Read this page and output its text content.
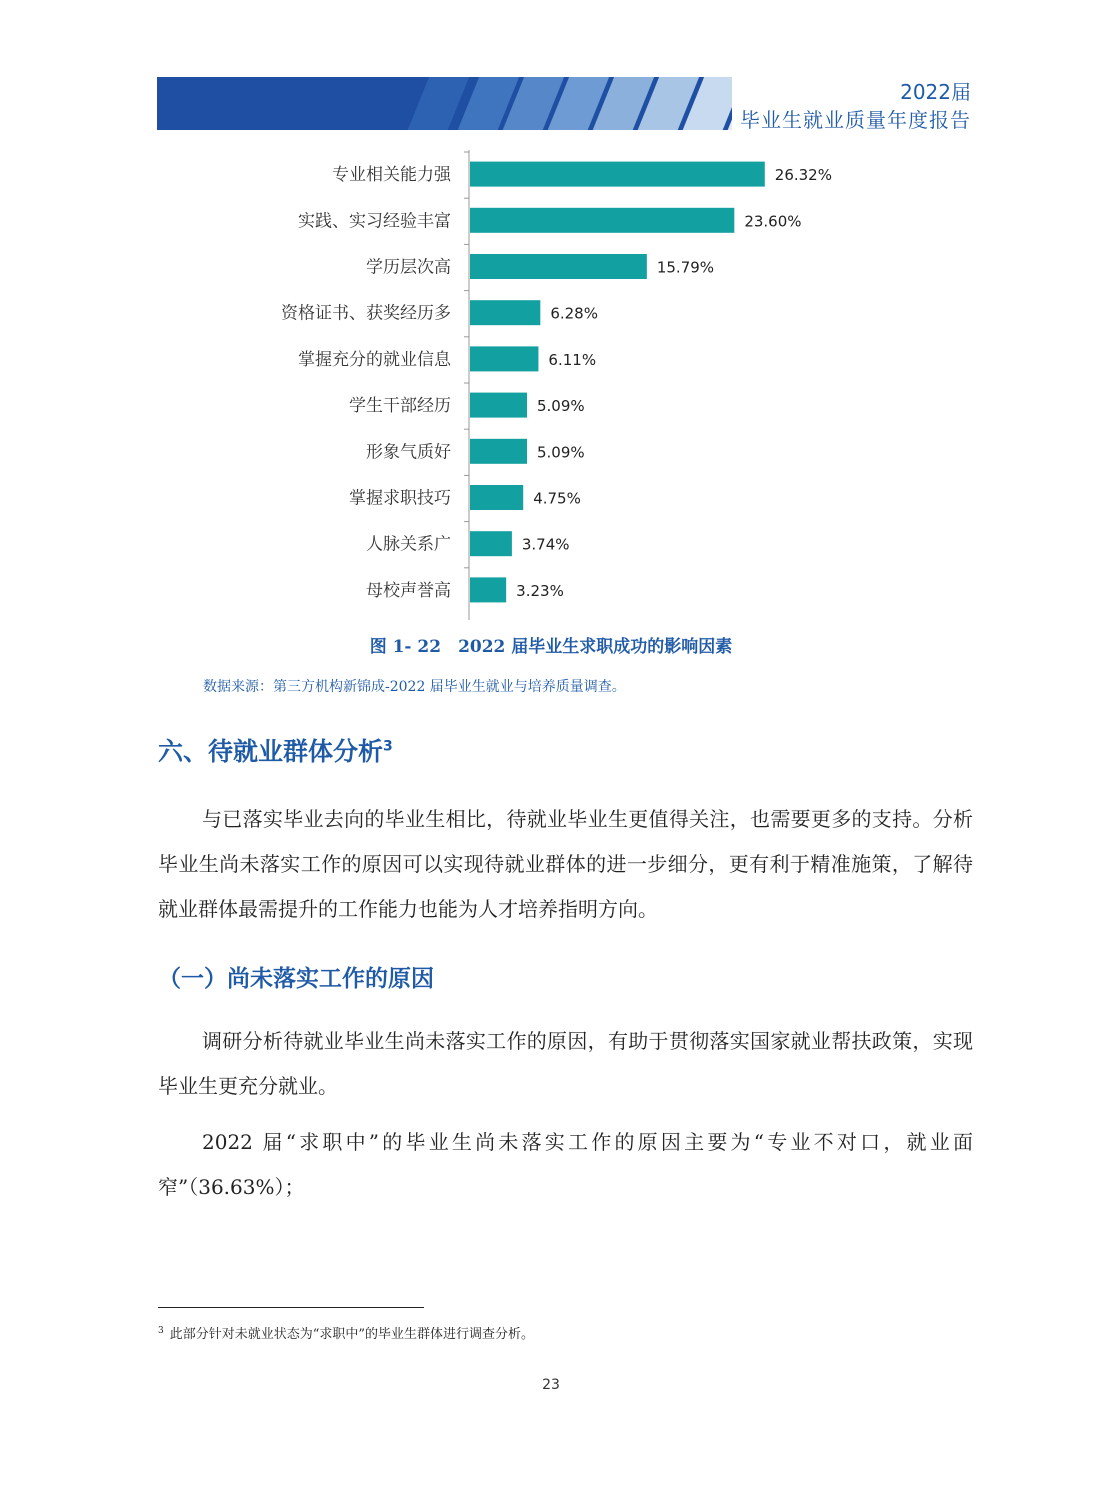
2022届
毕业生就业质量年度报告
专业相关能力强	26.32%
实践、实习经验丰富	23.60%
学历层次高	15.79%
资格证书、获奖经历多	6.28%
掌握充分的就业信息	6.11%
学生干部经历	5.09%
形象气质好	5.09%
掌握求职技巧	4.75%
人脉关系广	3.74%
母校声誉高	3.23%
图 1- 22　2022 届毕业生求职成功的影响因素
数据来源：第三方机构新锦成-2022 届毕业生就业与培养质量调查。
六、待就业群体分析$^3$
与已落实毕业去向的毕业生相比，待就业毕业生更值得关注，也需要更多的支持。分析毕业生尚未落实工作的原因可以实现待就业群体的进一步细分，更有利于精准施策，了解待就业群体最需提升的工作能力也能为人才培养指明方向。
（一）尚未落实工作的原因
调研分析待就业毕业生尚未落实工作的原因，有助于贯彻落实国家就业帮扶政策，实现毕业生更充分就业。
2022 届“求职中”的毕业生尚未落实工作的原因主要为“专业不对口，就业面窄”（36.63%）；
$^3$ 此部分针对未就业状态为“求职中”的毕业生群体进行调查分析。
23
